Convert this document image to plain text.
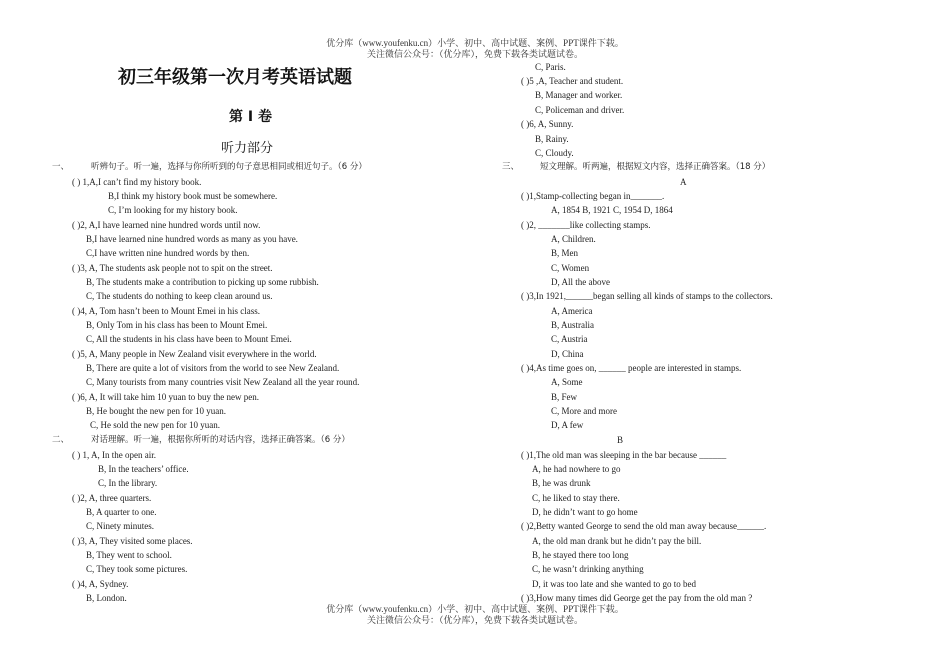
优分库（www.youfenku.cn）小学、初中、高中试题、案例、PPT课件下载。
关注微信公众号：（优分库），免费下载各类试题试卷。
初三年级第一次月考英语试题
第 Ⅰ 卷
听力部分
一、	听辨句子。听一遍，选择与你所听到的句子意思相同或相近句子。（6 分）
( ) 1,A,I can’t find my history book.
B,I think my history book must be somewhere.
C, I’m looking for my history book.
( )2, A,I have learned nine hundred words until now.
B,I have learned nine hundred words as many as you have.
C,I have written nine hundred words by then.
( )3, A, The students ask people not to spit on the street.
B, The students make a contribution to picking up some rubbish.
C, The students do nothing to keep clean around us.
( )4, A, Tom hasn’t been to Mount Emei in his class.
B, Only Tom in his class has been to Mount Emei.
C, All the students in his class have been to Mount Emei.
( )5, A, Many people in New Zealand visit everywhere in the world.
B, There are quite a lot of visitors from the world to see New Zealand.
C, Many tourists from many countries visit New Zealand all the year round.
( )6, A, It will take him 10 yuan to buy the new pen.
B, He bought the new pen for 10 yuan.
C, He sold the new pen for 10 yuan.
二、	对话理解。听一遍，根据你所听的对话内容，选择正确答案。（6 分）
( ) 1, A, In the open air.
B, In the teachers’ office.
C, In the library.
( )2, A, three quarters.
B, A quarter to one.
C, Ninety minutes.
( )3, A, They visited some places.
B, They went to school.
C, They took some pictures.
( )4, A, Sydney.
B, London.
C, Paris.
( )5 ,A, Teacher and student.
B, Manager and worker.
C, Policeman and driver.
( )6, A, Sunny.
B, Rainy.
C, Cloudy.
三、 短文理解。听两遍，根据短文内容，选择正确答案。（18 分）
A
( )1,Stamp-collecting began in_______.
A, 1854 B, 1921 C, 1954 D, 1864
( )2, _______like collecting stamps.
A, Children.
B, Men
C, Women
D, All the above
( )3,In 1921,______began selling all kinds of stamps to the collectors.
A, America
B, Australia
C, Austria
D, China
( )4,As time goes on, ______ people are interested in stamps.
A, Some
B, Few
C, More and more
D, A few
B
( )1,The old man was sleeping in the bar because ______
A, he had nowhere to go
B, he was drunk
C, he liked to stay there.
D, he didn’t want to go home
( )2,Betty wanted George to send the old man away because______.
A, the old man drank but he didn’t pay the bill.
B, he stayed there too long
C, he wasn’t drinking anything
D, it was too late and she wanted to go to bed
( )3,How many times did George get the pay from the old man ?
优分库（www.youfenku.cn）小学、初中、高中试题、案例、PPT课件下载。
关注微信公众号：（优分库），免费下载各类试题试卷。
